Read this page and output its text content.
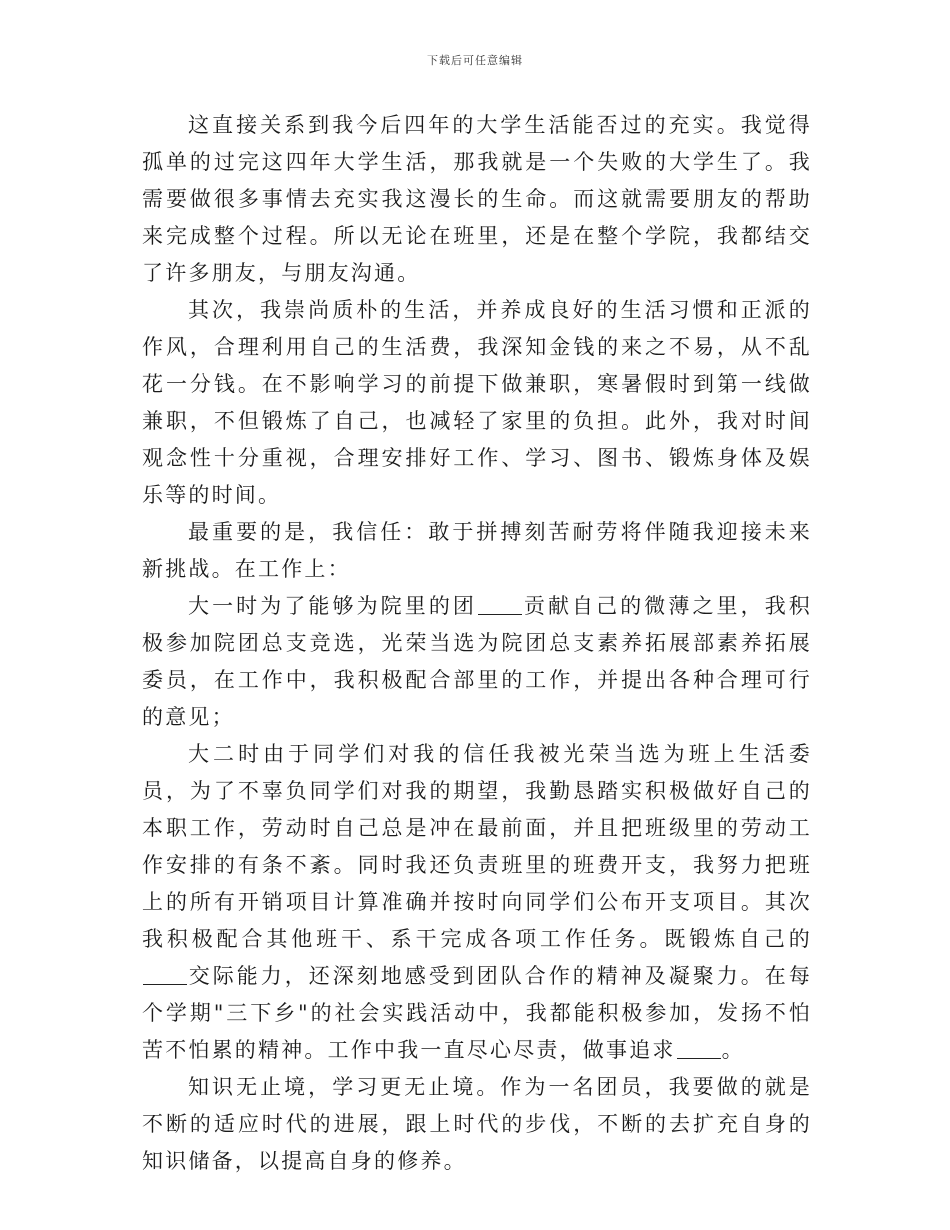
下载后可任意编辑

这直接关系到我今后四年的大学生活能否过的充实。我觉得孤单的过完这四年大学生活，那我就是一个失败的大学生了。我需要做很多事情去充实我这漫长的生命。而这就需要朋友的帮助来完成整个过程。所以无论在班里，还是在整个学院，我都结交了许多朋友，与朋友沟通。

其次，我崇尚质朴的生活，并养成良好的生活习惯和正派的作风，合理利用自己的生活费，我深知金钱的来之不易，从不乱花一分钱。在不影响学习的前提下做兼职，寒暑假时到第一线做兼职，不但锻炼了自己，也减轻了家里的负担。此外，我对时间观念性十分重视，合理安排好工作、学习、图书、锻炼身体及娱乐等的时间。

最重要的是，我信任：敢于拼搏刻苦耐劳将伴随我迎接未来新挑战。在工作上：

大一时为了能够为院里的团 贡献自己的微薄之里，我积极参加院团总支竞选，光荣当选为院团总支素养拓展部素养拓展委员，在工作中，我积极配合部里的工作，并提出各种合理可行的意见；

大二时由于同学们对我的信任我被光荣当选为班上生活委员，为了不辜负同学们对我的期望，我勤恳踏实积极做好自己的本职工作，劳动时自己总是冲在最前面，并且把班级里的劳动工作安排的有条不紊。同时我还负责班里的班费开支，我努力把班上的所有开销项目计算准确并按时向同学们公布开支项目。其次我积极配合其他班干、系干完成各项工作任务。既锻炼自己的交际能力，还深刻地感受到团队合作的精神及凝聚力。在每个学期"三下乡"的社会实践活动中，我都能积极参加，发扬不怕苦不怕累的精神。工作中我一直尽心尽责，做事追求 。

知识无止境，学习更无止境。作为一名团员，我要做的就是不断的适应时代的进展，跟上时代的步伐，不断的去扩充自身的知识储备，以提高自身的修养。
